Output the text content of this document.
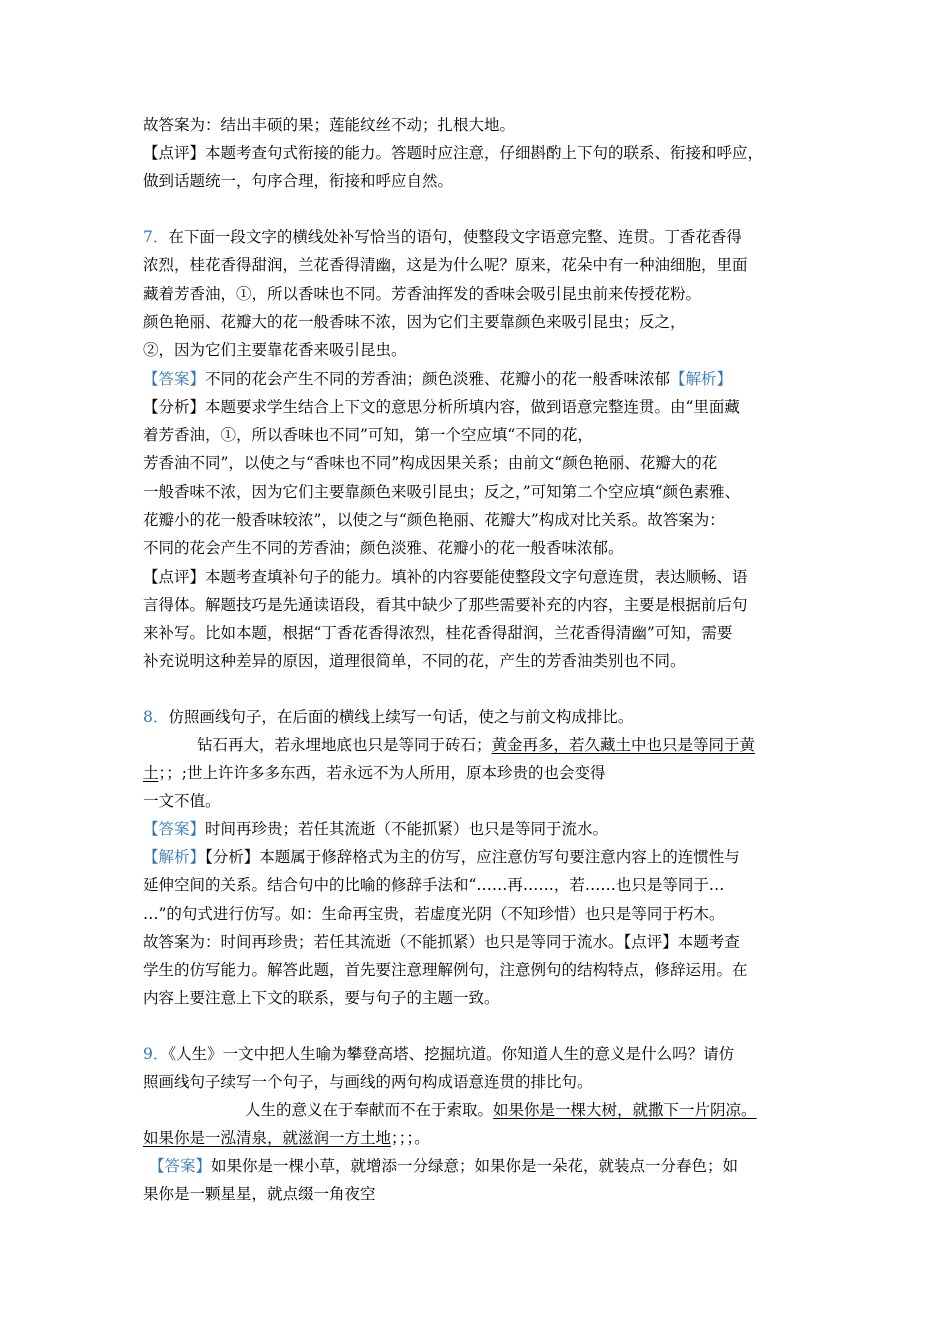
故答案为：结出丰硕的果；莲能纹丝不动；扎根大地。
【点评】本题考查句式衔接的能力。答题时应注意，仔细斟酌上下句的联系、衔接和呼应，
做到话题统一，句序合理，衔接和呼应自然。
7．在下面一段文字的横线处补写恰当的语句，使整段文字语意完整、连贯。丁香花香得
浓烈，桂花香得甜润，兰花香得清幽，这是为什么呢？原来，花朵中有一种油细胞，里面
藏着芳香油，①，所以香味也不同。芳香油挥发的香味会吸引昆虫前来传授花粉。
颜色艳丽、花瓣大的花一般香味不浓，因为它们主要靠颜色来吸引昆虫；反之，
②，因为它们主要靠花香来吸引昆虫。
【答案】不同的花会产生不同的芳香油；颜色淡雅、花瓣小的花一般香味浓郁【解析】
【分析】本题要求学生结合上下文的意思分析所填内容，做到语意完整连贯。由“里面藏
着芳香油，①，所以香味也不同”可知，第一个空应填“不同的花，
芳香油不同”，以使之与“香味也不同”构成因果关系；由前文“颜色艳丽、花瓣大的花
一般香味不浓，因为它们主要靠颜色来吸引昆虫；反之，”可知第二个空应填“颜色素雅、
花瓣小的花一般香味较浓”，以使之与“颜色艳丽、花瓣大”构成对比关系。故答案为：
不同的花会产生不同的芳香油；颜色淡雅、花瓣小的花一般香味浓郁。
【点评】本题考查填补句子的能力。填补的内容要能使整段文字句意连贯，表达顺畅、语
言得体。解题技巧是先通读语段，看其中缺少了那些需要补充的内容，主要是根据前后句
来补写。比如本题，根据“丁香花香得浓烈，桂花香得甜润，兰花香得清幽”可知，需要
补充说明这种差异的原因，道理很简单，不同的花，产生的芳香油类别也不同。
8．仿照画线句子，在后面的横线上续写一句话，使之与前文构成排比。
钻石再大，若永埋地底也只是等同于砖石；黄金再多，若久藏土中也只是等同于黄
土；；;世上许许多多东西，若永远不为人所用，原本珍贵的也会变得
一文不值。
【答案】时间再珍贵；若任其流逝（不能抓紧）也只是等同于流水。
【解析】【分析】本题属于修辞格式为主的仿写，应注意仿写句要注意内容上的连惯性与
延伸空间的关系。结合句中的比喻的修辞手法和“……再……，若……也只是等同于…
…”的句式进行仿写。如：生命再宝贵，若虚度光阴（不知珍惜）也只是等同于朽木。
故答案为：时间再珍贵；若任其流逝（不能抓紧）也只是等同于流水。【点评】本题考查
学生的仿写能力。解答此题，首先要注意理解例句，注意例句的结构特点，修辞运用。在
内容上要注意上下文的联系，要与句子的主题一致。
9．《人生》一文中把人生喻为攀登高塔、挖掘坑道。你知道人生的意义是什么吗？请仿
照画线句子续写一个句子，与画线的两句构成语意连贯的排比句。
人生的意义在于奉献而不在于索取。如果你是一棵大树，就撒下一片阴凉。
如果你是一泓清泉，就滋润一方土地；；；。
【答案】如果你是一棵小草，就增添一分绿意；如果你是一朵花，就装点一分春色；如
果你是一颗星星，就点缀一角夜空
